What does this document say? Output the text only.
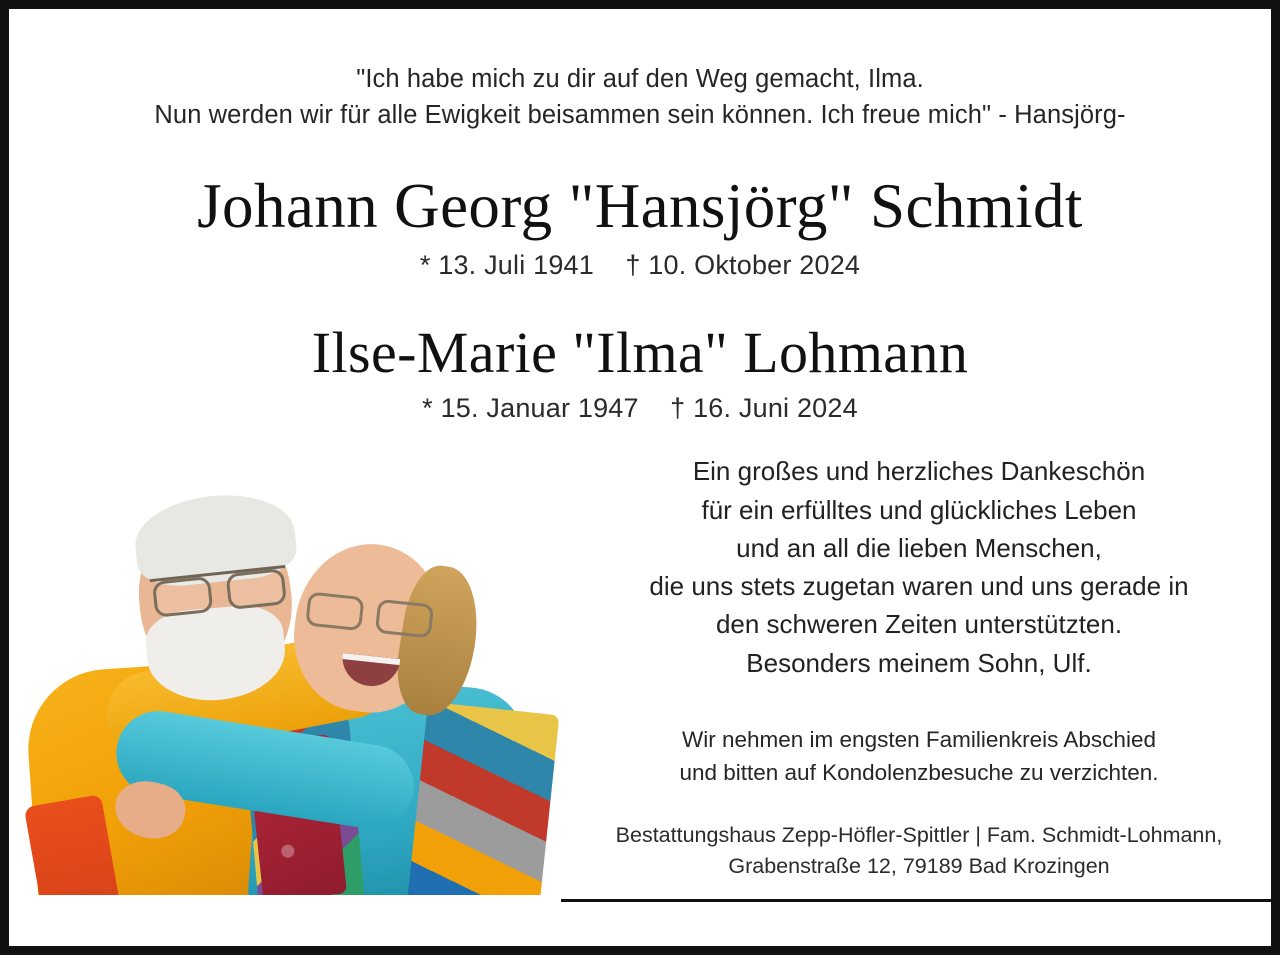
"Ich habe mich zu dir auf den Weg gemacht, Ilma.
Nun werden wir für alle Ewigkeit beisammen sein können. Ich freue mich" - Hansjörg-
Johann Georg "Hansjörg" Schmidt
* 13. Juli 1941 † 10. Oktober 2024
Ilse-Marie "Ilma" Lohmann
* 15. Januar 1947 † 16. Juni 2024
Ein großes und herzliches Dankeschön
für ein erfülltes und glückliches Leben
und an all die lieben Menschen,
die uns stets zugetan waren und uns gerade in
den schweren Zeiten unterstützten.
Besonders meinem Sohn, Ulf.
Wir nehmen im engsten Familienkreis Abschied
und bitten auf Kondolenzbesuche zu verzichten.
Bestattungshaus Zepp-Höfler-Spittler | Fam. Schmidt-Lohmann,
Grabenstraße 12, 79189 Bad Krozingen
